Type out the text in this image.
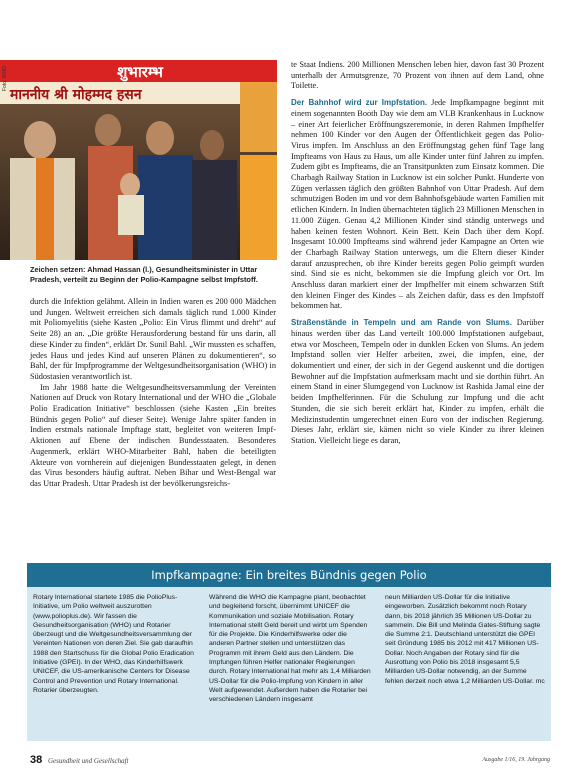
शुभारम्भ
माननीय श्री मोहम्मद हसन
Foto: WHO
Zeichen setzen: Ahmad Hassan (l.), Gesundheitsminister in Uttar Pradesh, verteilt zu Beginn der Polio-Kampagne selbst Impfstoff.

durch die Infektion gelähmt. Allein in Indien waren es 200 000 Mädchen und Jungen. Weltweit erreichen sich damals täglich rund 1.000 Kinder mit Poliomyelitis (siehe Kasten „Polio: Ein Virus flimmt und dreht“ auf Seite 28) an an. „Die größte Herausforderung bestand für uns darin, all diese Kinder zu finden“, erklärt Dr. Sunil Bahl. „Wir mussten es schaffen, jedes Haus und jedes Kind auf unseren Plänen zu dokumentieren“, so Bahl, der für Impfprogramme der Weltgesundheitsorganisation (WHO) in Südostasien verantwortlich ist.

Im Jahr 1988 hatte die Weltgesundheitsversammlung der Vereinten Nationen auf Druck von Rotary International und der WHO die „Globale Polio Eradication Initiative“ beschlossen (siehe Kasten „Ein breites Bündnis gegen Polio“ auf dieser Seite). Wenige Jahre später fanden in Indien erstmals nationale Impftage statt, begleitet von weiteren Impf-Aktionen auf Ebene der indischen Bundesstaaten. Besonderes Augenmerk, erklärt WHO-Mitarbeiter Bahl, haben die beteiligten Akteure von vornherein auf diejenigen Bundesstaaten gelegt, in denen das Virus besonders häufig auftrat. Neben Bihar und West-Bengal war das Uttar Pradesh. Uttar Pradesh ist der bevölkerungsreichs-

te Staat Indiens. 200 Millionen Menschen leben hier, davon fast 30 Prozent unterhalb der Armutsgrenze, 70 Prozent von ihnen auf dem Land, ohne Toilette.

Der Bahnhof wird zur Impfstation. Jede Impfkampagne beginnt mit einem sogenannten Booth Day wie dem am VLB Krankenhaus in Lucknow – einer Art feierlicher Eröffnungszeremonie, in deren Rahmen Impfhelfer nehmen 100 Kinder vor den Augen der Öffentlichkeit gegen das Polio-Virus impfen. Im Anschluss an den Eröffnungstag gehen fünf Tage lang Impfteams von Haus zu Haus, um alle Kinder unter fünf Jahren zu impfen. Zudem gibt es Impfteams, die an Transitpunkten zum Einsatz kommen. Die Charbagh Railway Station in Lucknow ist ein solcher Punkt. Hunderte von Zügen verlassen täglich den größten Bahnhof von Uttar Pradesh. Auf dem schmutzigen Boden im und vor dem Bahnhofsgebäude warten Familien mit etlichen Kindern. In Indien übernachteten täglich 23 Millionen Menschen in 11.000 Zügen. Genau 4,2 Millionen Kinder sind ständig unterwegs und haben keinen festen Wohnort. Kein Bett. Kein Dach über dem Kopf. Insgesamt 10.000 Impfteams sind während jeder Kampagne an Orten wie der Charbagh Railway Station unterwegs, um die Eltern dieser Kinder darauf anzusprechen, ob ihre Kinder bereits gegen Polio geimpft wurden sind. Sind sie es nicht, bekommen sie die Impfung gleich vor Ort. Im Anschluss daran markiert einer der Impfhelfer mit einem schwarzen Stift den kleinen Finger des Kindes – als Zeichen dafür, dass es den Impfstoff bekommen hat.

Straßenstände in Tempeln und am Rande von Slums. Darüber hinaus werden über das Land verteilt 100.000 Impfstationen aufgebaut, etwa vor Moscheen, Tempeln oder in dunklen Ecken von Slums. An jedem Impfstand sollen vier Helfer arbeiten, zwei, die impfen, eine, der dokumentiert und einer, der sich in der Gegend auskennt und die dortigen Bewohner auf die Impfstation aufmerksam macht und sie dorthin führt. An einem Stand in einer Slumgegend von Lucknow ist Rashida Jamal eine der beiden Impfhelferinnen. Für die Schulung zur Impfung und die acht Stunden, die sie sich bereit erklärt hat, Kinder zu impfen, erhält die Medizinstudentin umgerechnet einen Euro von der indischen Regierung. Dieses Jahr, erklärt sie, kämen nicht so viele Kinder zu ihrer kleinen Station. Vielleicht liege es daran,

Impfkampagne: Ein breites Bündnis gegen Polio

Rotary International startete 1985 die PolioPlus-Initiative, um Polio weltweit auszurotten (www.polioplus.de). Wir fassen die Gesundheitsorganisation (WHO) und Rotarier überzeugt und die Weltgesundheitsversammlung der Vereinten Nationen von deren Ziel. Sie gab daraufhin 1988 den Startschuss für die Global Polio Eradication Initiative (GPEI). In der WHO, das Kinderhilfswerk UNICEF, die US-amerikanische Centers for Disease Control and Prevention und Rotary International. Rotarier überzeugten.

Während die WHO die Kampagne plant, beobachtet und begleitend forscht, übernimmt UNICEF die Kommunikation und soziale Mobilisation. Rotary International stellt Geld bereit und wirbt um Spenden für die Projekte. Die Kinderhilfswerke oder die anderen Partner stellen und unterstützen das Programm mit ihrem Geld aus den Ländern. Die Impfungen führen Helfer nationaler Regierungen durch. Rotary International hat mehr als 1,4 Milliarden US-Dollar für die Polio-Impfung von Kindern in aller Welt aufgewendet. Außerdem haben die Rotarier bei verschiedenen Ländern insgesamt

neun Milliarden US-Dollar für die Initiative eingeworben. Zusätzlich bekommt noch Rotary dann, bis 2018 jährlich 35 Millionen US-Dollar zu sammeln. Die Bill und Melinda Gates-Stiftung sagte die Summe 2:1. Deutschland unterstützt die GPEI seit Gründung 1985 bis 2012 mit 417 Millionen US-Dollar. Noch Angaben der Rotary sind für die Ausrottung von Polio bis 2018 insgesamt 5,5 Milliarden US-Dollar notwendig, an der Summe fehlen derzeit noch etwa 1,2 Milliarden US-Dollar. mc

38 Gesundheit und Gesellschaft	Ausgabe 1/16, 19. Jahrgang
